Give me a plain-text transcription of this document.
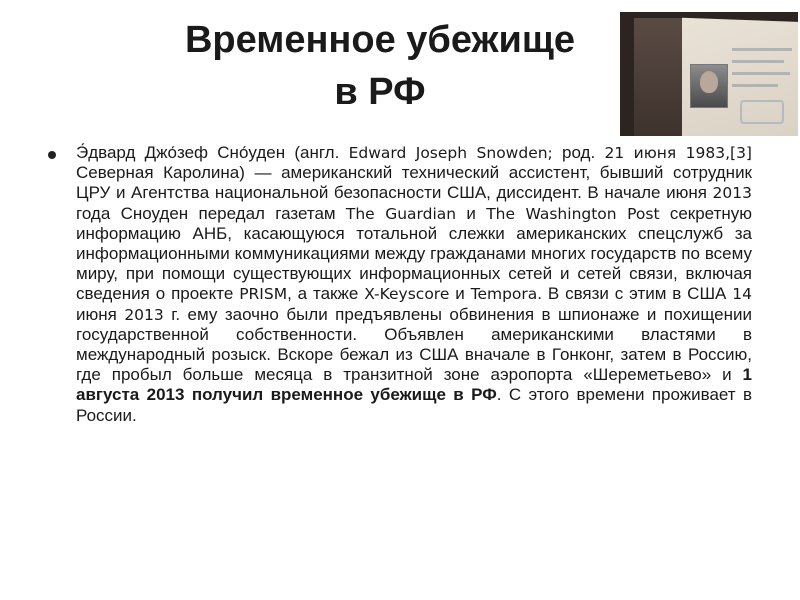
Временное убежище
в РФ
Э́двард Джо́зеф Сно́уден (англ. Edward Joseph Snowden; род. 21 июня 1983,[3] Северная Каролина) — американский технический ассистент, бывший сотрудник ЦРУ и Агентства национальной безопасности США, диссидент. В начале июня 2013 года Сноуден передал газетам The Guardian и The Washington Post секретную информацию АНБ, касающуюся тотальной слежки американских спецслужб за информационными коммуникациями между гражданами многих государств по всему миру, при помощи существующих информационных сетей и сетей связи, включая сведения о проекте PRISM, а также X-Keyscore и Tempora. В связи с этим в США 14 июня 2013 г. ему заочно были предъявлены обвинения в шпионаже и похищении государственной собственности. Объявлен американскими властями в международный розыск. Вскоре бежал из США вначале в Гонконг, затем в Россию, где пробыл больше месяца в транзитной зоне аэропорта «Шереметьево» и 1 августа 2013 получил временное убежище в РФ. С этого времени проживает в России.
